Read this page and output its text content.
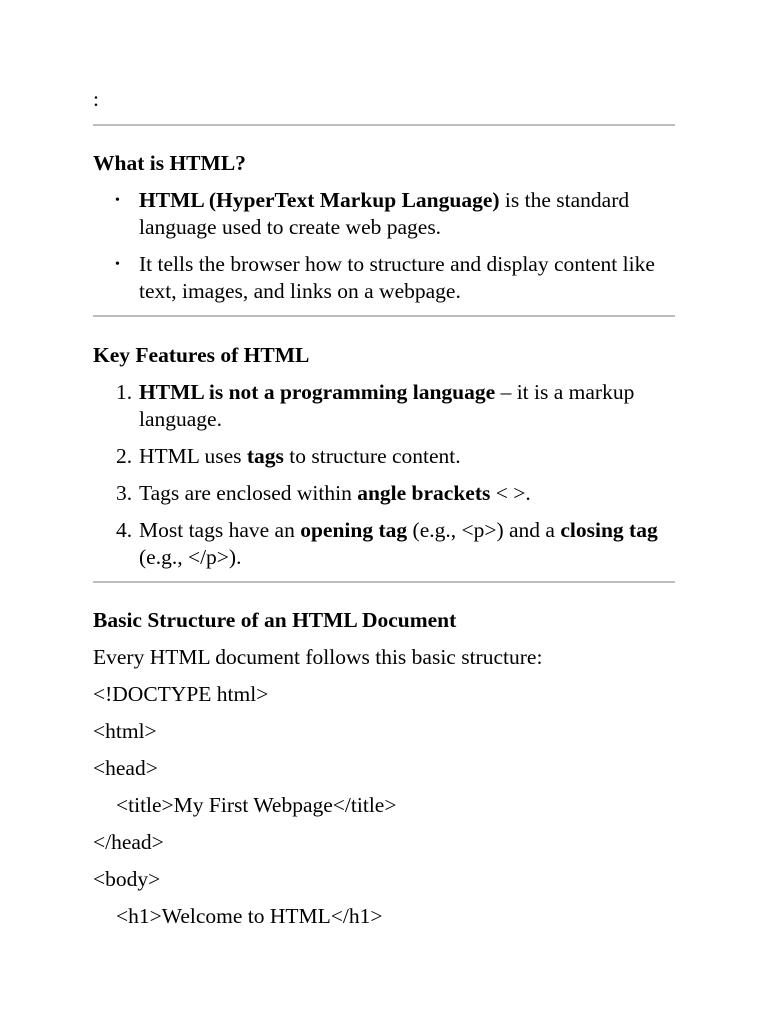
:
What is HTML?
• HTML (HyperText Markup Language) is the standard language used to create web pages.
• It tells the browser how to structure and display content like text, images, and links on a webpage.
Key Features of HTML
1. HTML is not a programming language – it is a markup language.
2. HTML uses tags to structure content.
3. Tags are enclosed within angle brackets < >.
4. Most tags have an opening tag (e.g., <p>) and a closing tag (e.g., </p>).
Basic Structure of an HTML Document

Every HTML document follows this basic structure:

<!DOCTYPE html>
<html>
<head>
<title>My First Webpage</title>
</head>
<body>
<h1>Welcome to HTML</h1>
